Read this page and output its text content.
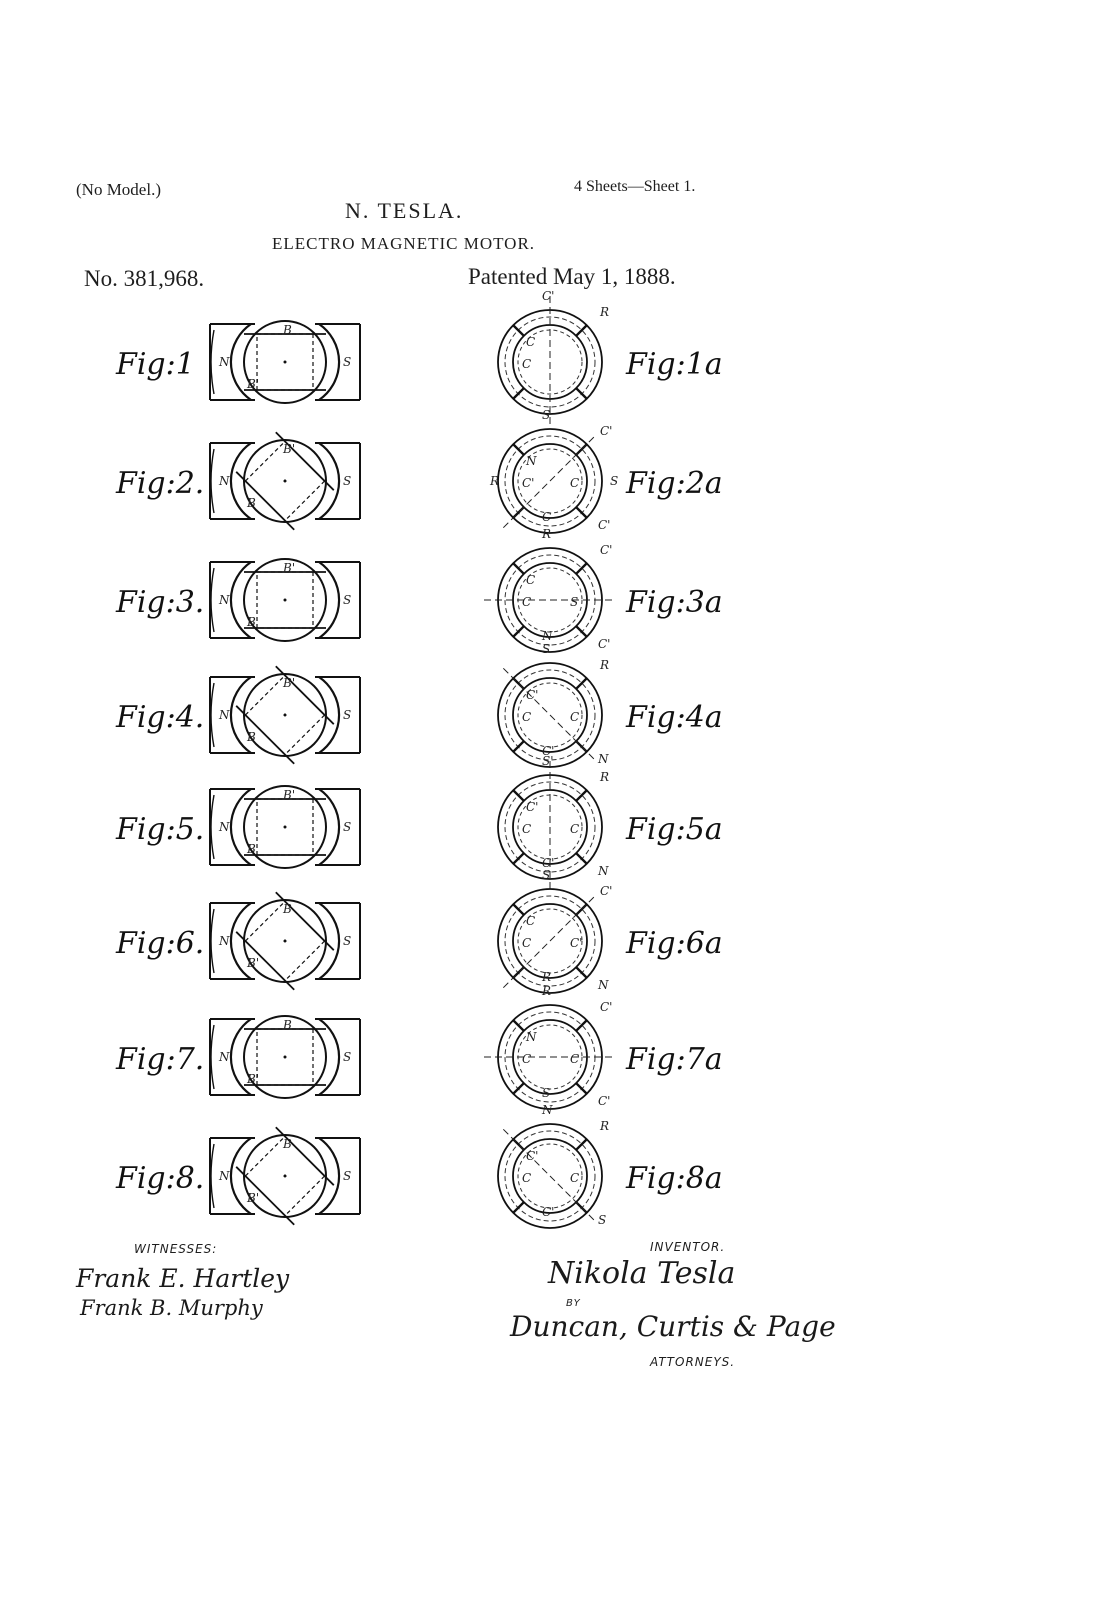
(No Model.)	4 Sheets—Sheet 1.
N. TESLA.
ELECTRO MAGNETIC MOTOR.
No. 381,968.	Patented May 1, 1888.
Fig:1 N	S
B
B'
Fig:2. N	S
B'
B
Fig:3. N	S
B'
B
Fig:4. N	S
B'
B
Fig:5. N	S
B'
B
Fig:6. N	S
B
B'
Fig:7. N	S
B
B'
Fig:8. N	S
B
B'
Fig:1a
C'
R
C
C
Fig:2a
S
C'
N
C'	C
C
C'
R	S
Fig:3a
R
C'
C
C	S
N
C'
Fig:4a
S
R
C'
C	C
C'
N
Fig:5a
S'
R
C'
C	C
C'
N
Fig:6a
S
C'
C
C	C'
R
N
Fig:7a
R
C'
N
C	C
S
C'
Fig:8a
N
R
C'
C	C
C'
S
WITNESSES:
Frank E. Hartley
Frank B. Murphy
INVENTOR.
Nikola Tesla
BY
Duncan, Curtis & Page
ATTORNEYS.
